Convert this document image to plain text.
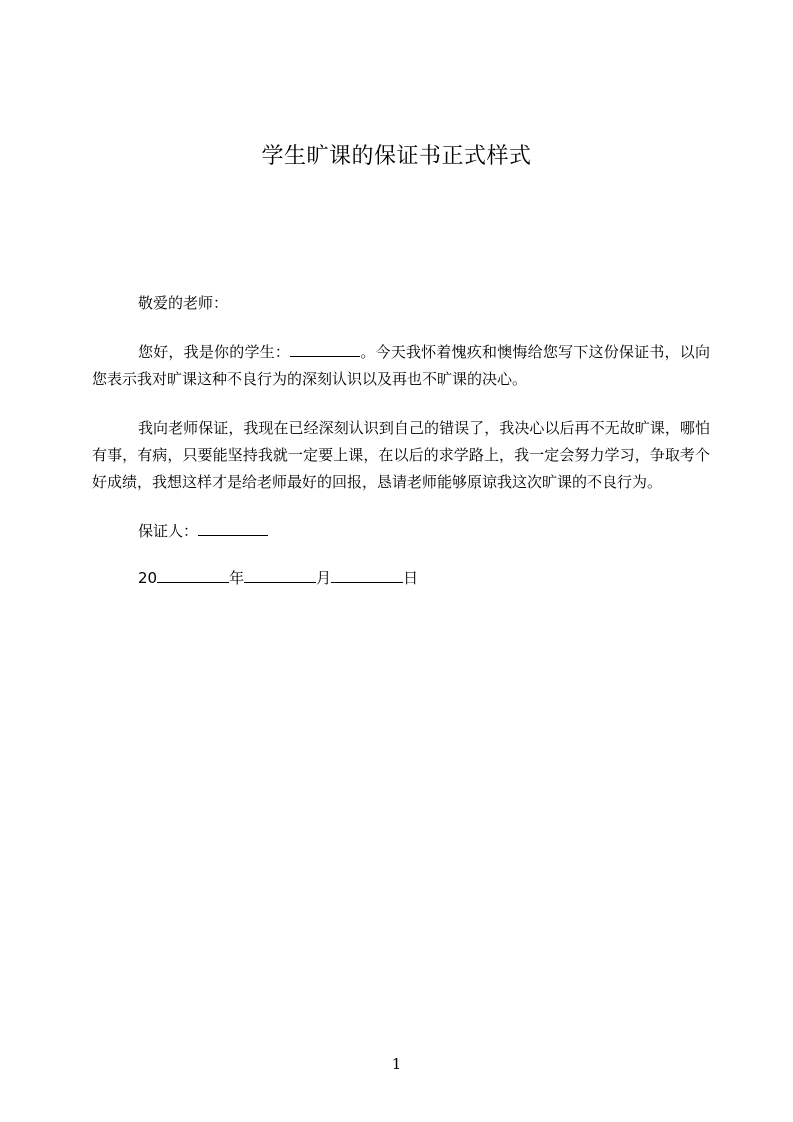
学生旷课的保证书正式样式

敬爱的老师：

您好，我是你的学生：	。今天我怀着愧疚和懊悔给您写下这份保证书，以向您表示我对旷课这种不良行为的深刻认识以及再也不旷课的决心。

我向老师保证，我现在已经深刻认识到自己的错误了，我决心以后再不无故旷课，哪怕有事，有病，只要能坚持我就一定要上课，在以后的求学路上，我一定会努力学习，争取考个好成绩，我想这样才是给老师最好的回报，恳请老师能够原谅我这次旷课的不良行为。

保证人：

20	年	月	日

1
